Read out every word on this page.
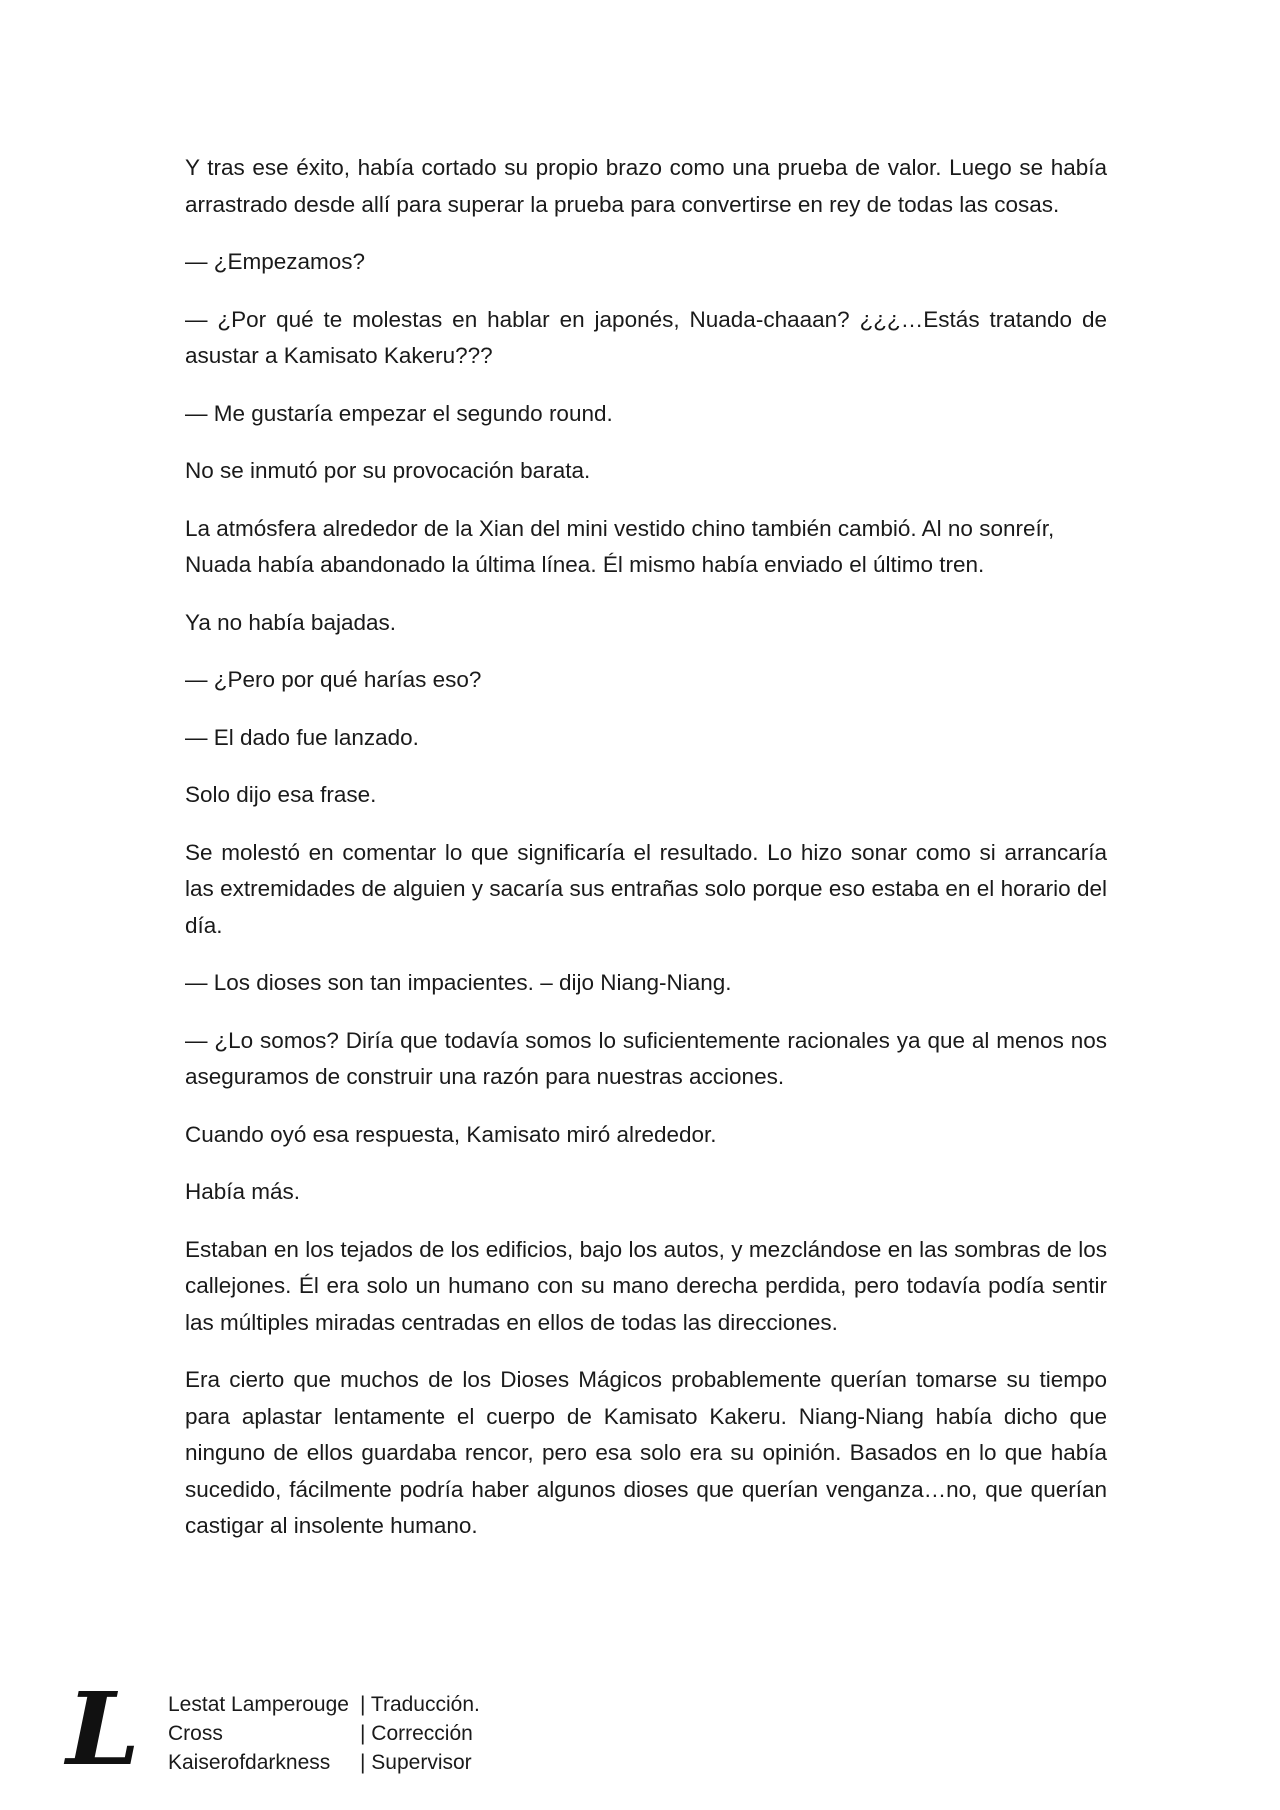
Y tras ese éxito, había cortado su propio brazo como una prueba de valor. Luego se había arrastrado desde allí para superar la prueba para convertirse en rey de todas las cosas.

— ¿Empezamos?

— ¿Por qué te molestas en hablar en japonés, Nuada-chaaan? ¿¿¿…Estás tratando de asustar a Kamisato Kakeru???

— Me gustaría empezar el segundo round.

No se inmutó por su provocación barata.

La atmósfera alrededor de la Xian del mini vestido chino también cambió. Al no sonreír, Nuada había abandonado la última línea. Él mismo había enviado el último tren.

Ya no había bajadas.

— ¿Pero por qué harías eso?

— El dado fue lanzado.

Solo dijo esa frase.

Se molestó en comentar lo que significaría el resultado. Lo hizo sonar como si arrancaría las extremidades de alguien y sacaría sus entrañas solo porque eso estaba en el horario del día.

— Los dioses son tan impacientes. – dijo Niang-Niang.

— ¿Lo somos? Diría que todavía somos lo suficientemente racionales ya que al menos nos aseguramos de construir una razón para nuestras acciones.

Cuando oyó esa respuesta, Kamisato miró alrededor.

Había más.

Estaban en los tejados de los edificios, bajo los autos, y mezclándose en las sombras de los callejones. Él era solo un humano con su mano derecha perdida, pero todavía podía sentir las múltiples miradas centradas en ellos de todas las direcciones.

Era cierto que muchos de los Dioses Mágicos probablemente querían tomarse su tiempo para aplastar lentamente el cuerpo de Kamisato Kakeru. Niang-Niang había dicho que ninguno de ellos guardaba rencor, pero esa solo era su opinión. Basados en lo que había sucedido, fácilmente podría haber algunos dioses que querían venganza…no, que querían castigar al insolente humano.

L Lestat Lamperouge | Traducción.
Cross	| Corrección
Kaiserofdarkness	| Supervisor
